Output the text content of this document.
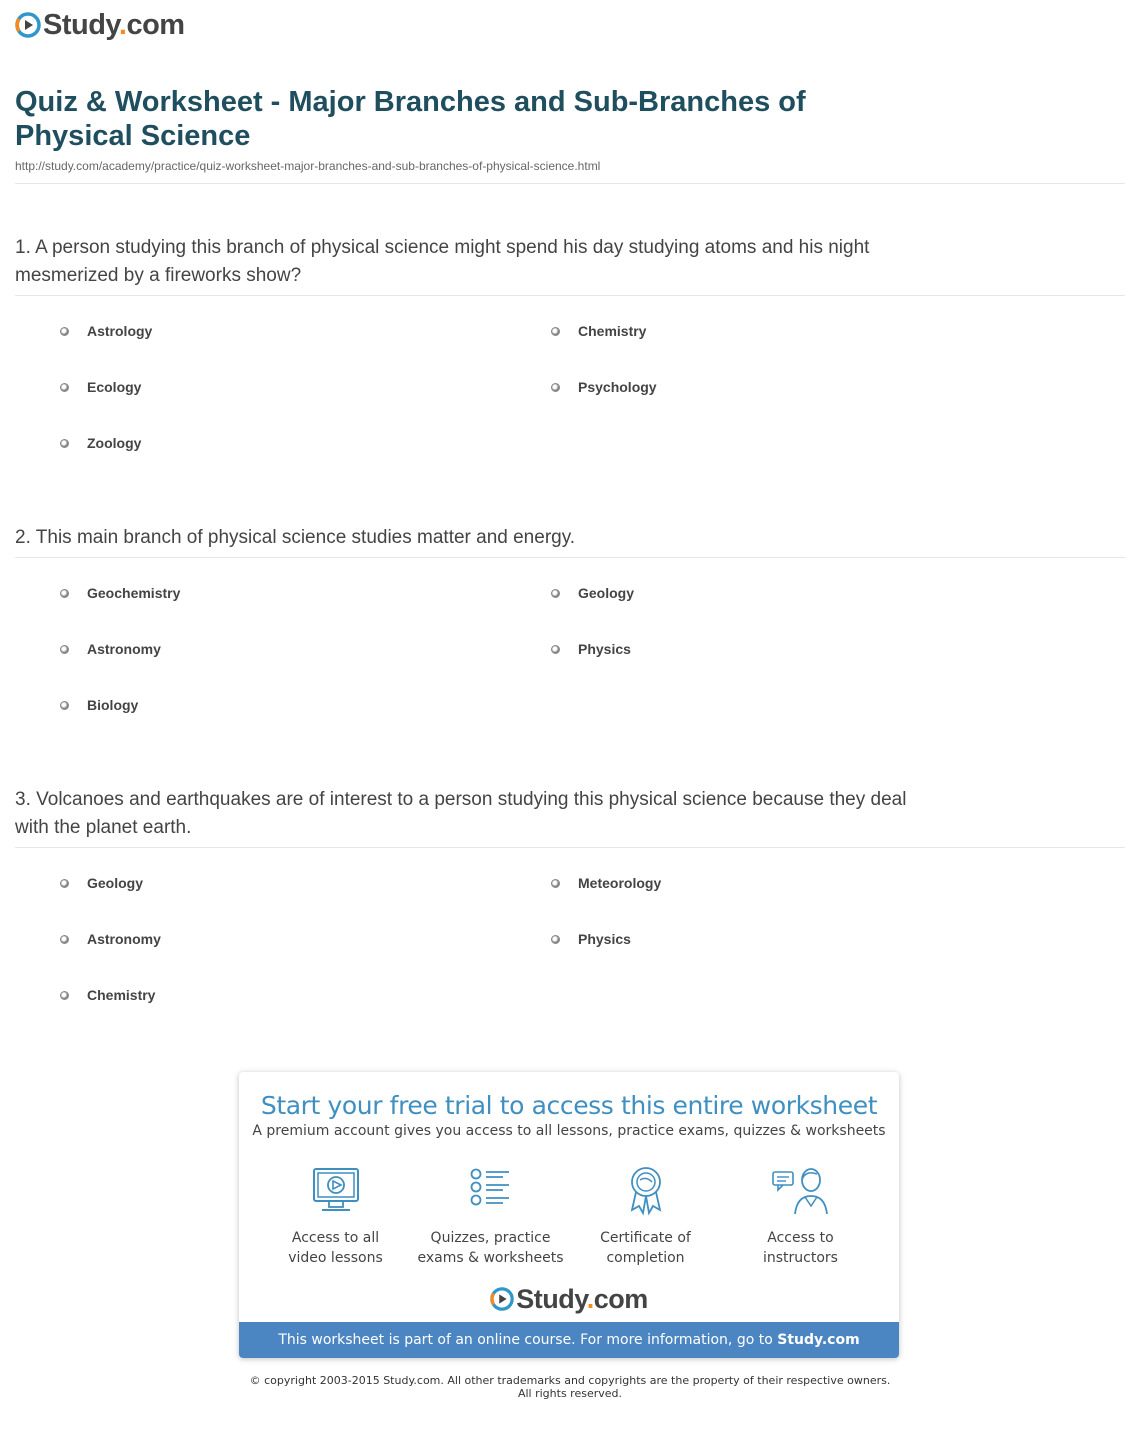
Study.com
Quiz & Worksheet - Major Branches and Sub-Branches of Physical Science
http://study.com/academy/practice/quiz-worksheet-major-branches-and-sub-branches-of-physical-science.html
1. A person studying this branch of physical science might spend his day studying atoms and his night mesmerized by a fireworks show?
Astrology	Chemistry
Ecology	Psychology
Zoology
2. This main branch of physical science studies matter and energy.
Geochemistry	Geology
Astronomy	Physics
Biology
3. Volcanoes and earthquakes are of interest to a person studying this physical science because they deal with the planet earth.
Geology	Meteorology
Astronomy	Physics
Chemistry
Start your free trial to access this entire worksheet
A premium account gives you access to all lessons, practice exams, quizzes & worksheets
Access to all
video lessons
Quizzes, practice
exams & worksheets
Certificate of
completion
Access to
instructors
Study.com
This worksheet is part of an online course. For more information, go to Study.com
© copyright 2003-2015 Study.com. All other trademarks and copyrights are the property of their respective owners.
All rights reserved.
